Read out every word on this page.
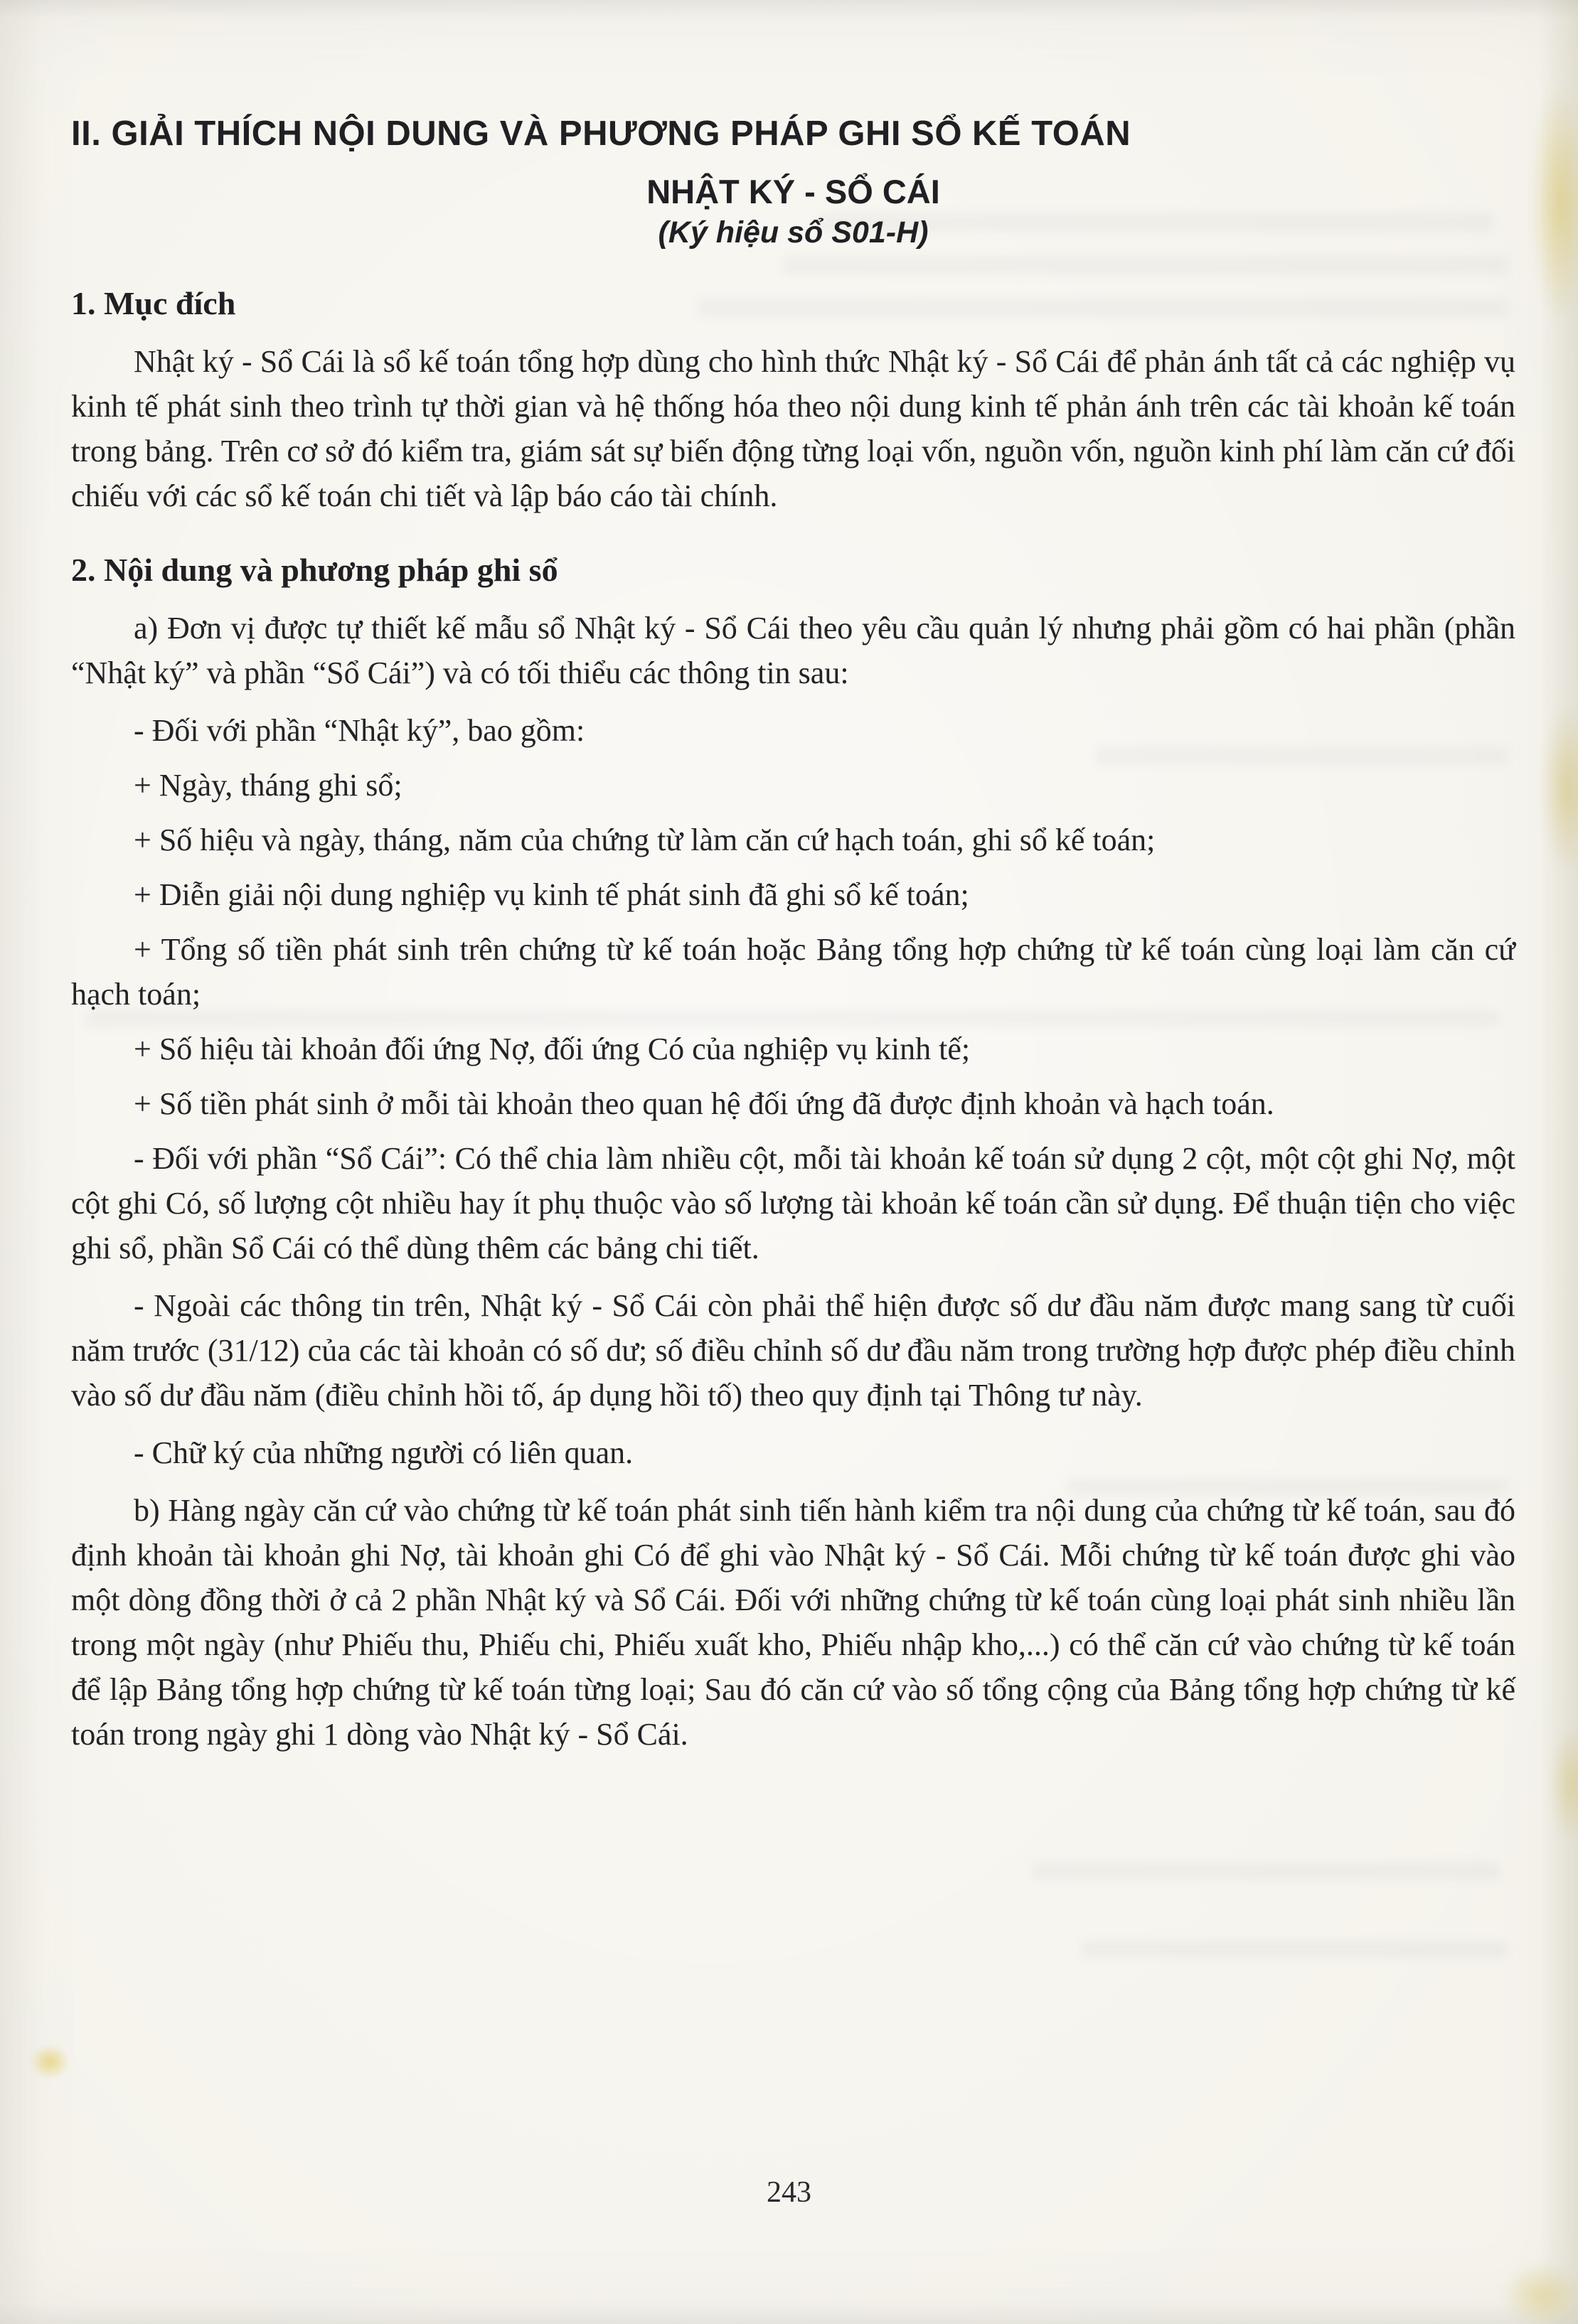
II. GIẢI THÍCH NỘI DUNG VÀ PHƯƠNG PHÁP GHI SỔ KẾ TOÁN
NHẬT KÝ - SỔ CÁI
(Ký hiệu sổ S01-H)
1. Mục đích

Nhật ký - Sổ Cái là sổ kế toán tổng hợp dùng cho hình thức Nhật ký - Sổ Cái để phản ánh tất cả các nghiệp vụ kinh tế phát sinh theo trình tự thời gian và hệ thống hóa theo nội dung kinh tế phản ánh trên các tài khoản kế toán trong bảng. Trên cơ sở đó kiểm tra, giám sát sự biến động từng loại vốn, nguồn vốn, nguồn kinh phí làm căn cứ đối chiếu với các sổ kế toán chi tiết và lập báo cáo tài chính.

2. Nội dung và phương pháp ghi sổ

a) Đơn vị được tự thiết kế mẫu sổ Nhật ký - Sổ Cái theo yêu cầu quản lý nhưng phải gồm có hai phần (phần “Nhật ký” và phần “Sổ Cái”) và có tối thiểu các thông tin sau:

- Đối với phần “Nhật ký”, bao gồm:

+ Ngày, tháng ghi sổ;

+ Số hiệu và ngày, tháng, năm của chứng từ làm căn cứ hạch toán, ghi sổ kế toán;

+ Diễn giải nội dung nghiệp vụ kinh tế phát sinh đã ghi sổ kế toán;

+ Tổng số tiền phát sinh trên chứng từ kế toán hoặc Bảng tổng hợp chứng từ kế toán cùng loại làm căn cứ hạch toán;

+ Số hiệu tài khoản đối ứng Nợ, đối ứng Có của nghiệp vụ kinh tế;

+ Số tiền phát sinh ở mỗi tài khoản theo quan hệ đối ứng đã được định khoản và hạch toán.

- Đối với phần “Sổ Cái”: Có thể chia làm nhiều cột, mỗi tài khoản kế toán sử dụng 2 cột, một cột ghi Nợ, một cột ghi Có, số lượng cột nhiều hay ít phụ thuộc vào số lượng tài khoản kế toán cần sử dụng. Để thuận tiện cho việc ghi sổ, phần Sổ Cái có thể dùng thêm các bảng chi tiết.

- Ngoài các thông tin trên, Nhật ký - Sổ Cái còn phải thể hiện được số dư đầu năm được mang sang từ cuối năm trước (31/12) của các tài khoản có số dư; số điều chỉnh số dư đầu năm trong trường hợp được phép điều chỉnh vào số dư đầu năm (điều chỉnh hồi tố, áp dụng hồi tố) theo quy định tại Thông tư này.

- Chữ ký của những người có liên quan.

b) Hàng ngày căn cứ vào chứng từ kế toán phát sinh tiến hành kiểm tra nội dung của chứng từ kế toán, sau đó định khoản tài khoản ghi Nợ, tài khoản ghi Có để ghi vào Nhật ký - Sổ Cái. Mỗi chứng từ kế toán được ghi vào một dòng đồng thời ở cả 2 phần Nhật ký và Sổ Cái. Đối với những chứng từ kế toán cùng loại phát sinh nhiều lần trong một ngày (như Phiếu thu, Phiếu chi, Phiếu xuất kho, Phiếu nhập kho,...) có thể căn cứ vào chứng từ kế toán để lập Bảng tổng hợp chứng từ kế toán từng loại; Sau đó căn cứ vào số tổng cộng của Bảng tổng hợp chứng từ kế toán trong ngày ghi 1 dòng vào Nhật ký - Sổ Cái.

243
